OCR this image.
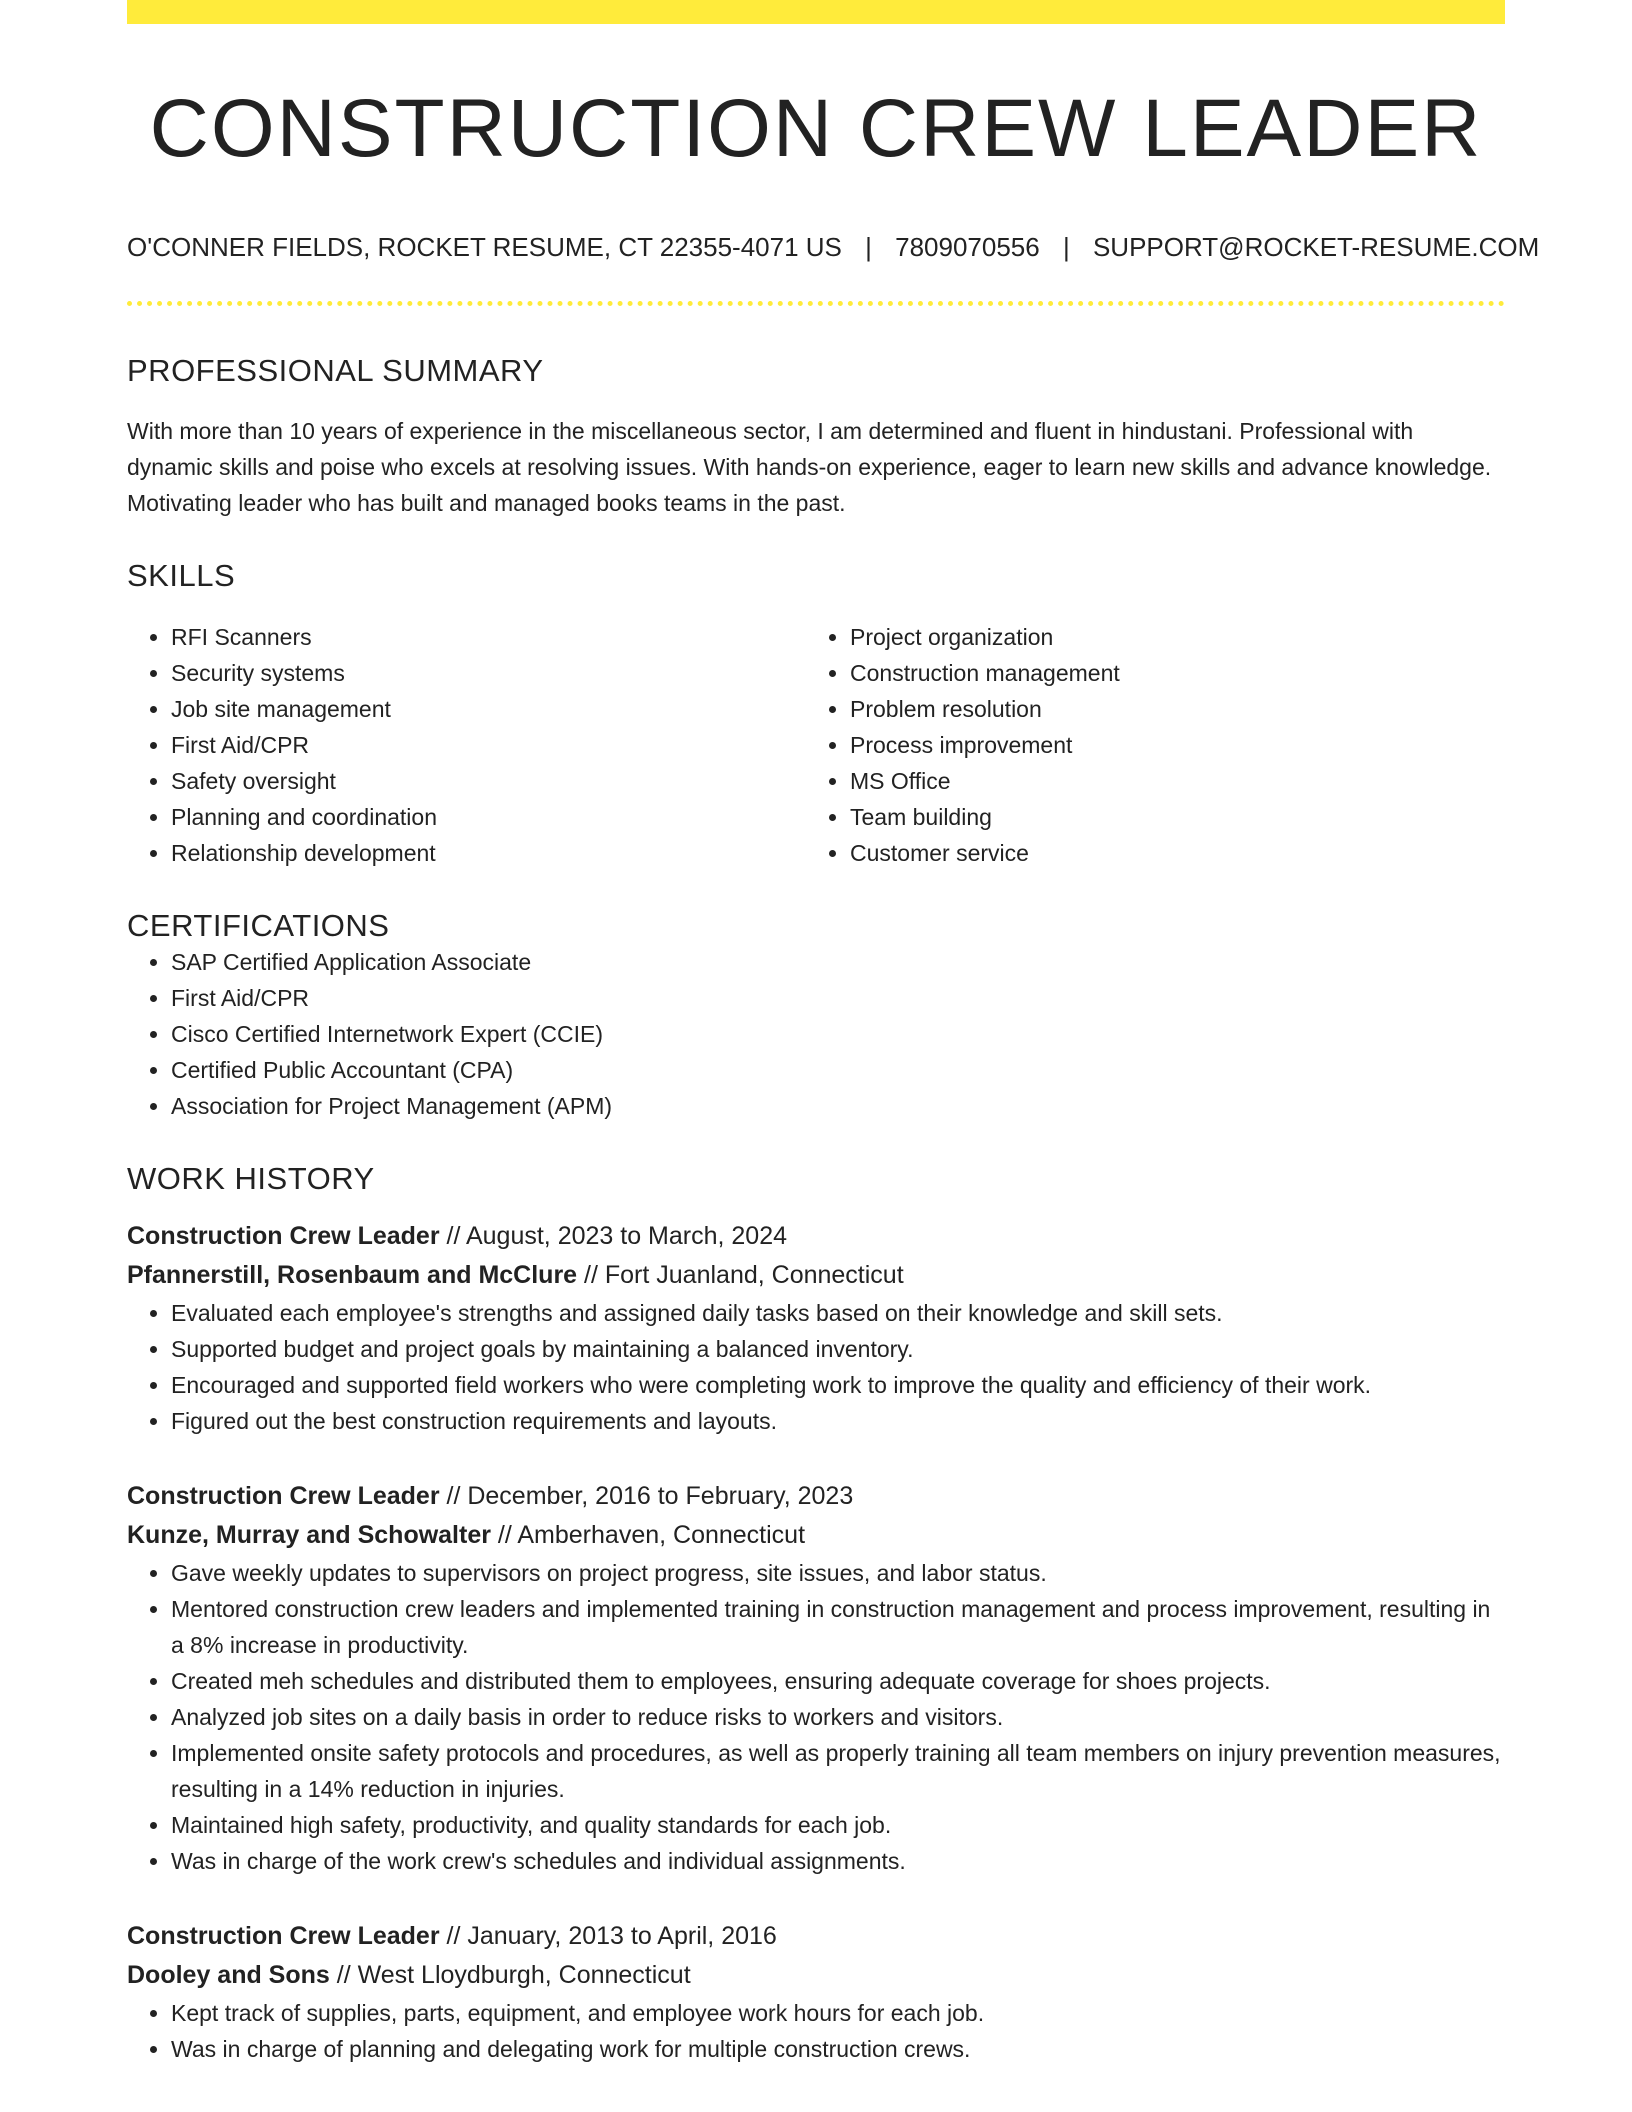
CONSTRUCTION CREW LEADER
O'CONNER FIELDS, ROCKET RESUME, CT 22355-4071 US | 7809070556 | SUPPORT@ROCKET-RESUME.COM
PROFESSIONAL SUMMARY

With more than 10 years of experience in the miscellaneous sector, I am determined and fluent in hindustani. Professional with dynamic skills and poise who excels at resolving issues. With hands-on experience, eager to learn new skills and advance knowledge. Motivating leader who has built and managed books teams in the past.

SKILLS
• RFI Scanners
• Security systems
• Job site management
• First Aid/CPR
• Safety oversight
• Planning and coordination
• Relationship development
• Project organization
• Construction management
• Problem resolution
• Process improvement
• MS Office
• Team building
• Customer service
CERTIFICATIONS
• SAP Certified Application Associate
• First Aid/CPR
• Cisco Certified Internetwork Expert (CCIE)
• Certified Public Accountant (CPA)
• Association for Project Management (APM)
WORK HISTORY
Construction Crew Leader // August, 2023 to March, 2024
Pfannerstill, Rosenbaum and McClure // Fort Juanland, Connecticut
• Evaluated each employee's strengths and assigned daily tasks based on their knowledge and skill sets.
• Supported budget and project goals by maintaining a balanced inventory.
• Encouraged and supported field workers who were completing work to improve the quality and efficiency of their work.
• Figured out the best construction requirements and layouts.
Construction Crew Leader // December, 2016 to February, 2023
Kunze, Murray and Schowalter // Amberhaven, Connecticut
• Gave weekly updates to supervisors on project progress, site issues, and labor status.
• Mentored construction crew leaders and implemented training in construction management and process improvement, resulting in a 8% increase in productivity.
• Created meh schedules and distributed them to employees, ensuring adequate coverage for shoes projects.
• Analyzed job sites on a daily basis in order to reduce risks to workers and visitors.
• Implemented onsite safety protocols and procedures, as well as properly training all team members on injury prevention measures, resulting in a 14% reduction in injuries.
• Maintained high safety, productivity, and quality standards for each job.
• Was in charge of the work crew's schedules and individual assignments.
Construction Crew Leader // January, 2013 to April, 2016
Dooley and Sons // West Lloydburgh, Connecticut
• Kept track of supplies, parts, equipment, and employee work hours for each job.
• Was in charge of planning and delegating work for multiple construction crews.
